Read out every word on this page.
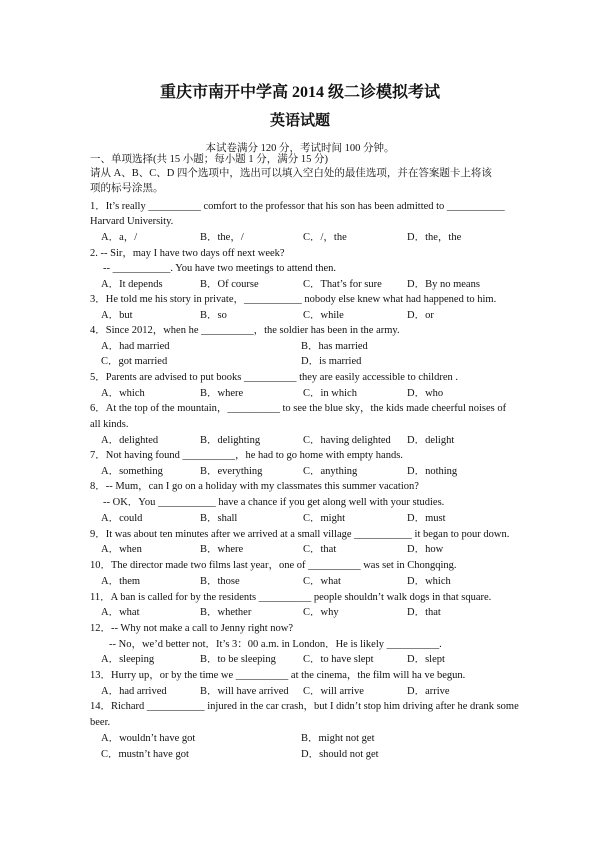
重庆市南开中学高 2014 级二诊模拟考试
英语试题
本试卷满分 120 分，考试时间 100 分钟。
一、单项选择(共 15 小题；每小题 1 分，满分 15 分)
请从 A、B、C、D 四个选项中，选出可以填入空白处的最佳选项，并在答案题卡上将该
项的标号涂黑。
1．It’s really __________ comfort to the professor that his son has been admitted to ___________
Harvard University.
A．a，/	B．the，/	C．/，the	D．the，the
2. -- Sir，may I have two days off next week?
-- ___________. You have two meetings to attend then.
A．It depends	B．Of course	C．That’s for sure D．By no means
3．He told me his story in private，___________ nobody else knew what had happened to him.
A．but	B．so	C．while	D．or
4．Since 2012，when he __________，the soldier has been in the army.
A．had married	B．has married
C．got married	D．is married
5．Parents are advised to put books __________ they are easily accessible to children .
A．which	B．where	C．in which	D．who
6．At the top of the mountain，__________ to see the blue sky，the kids made cheerful noises of
all kinds.
A．delighted	B．delighting	C．having delighted D．delight
7．Not having found __________，he had to go home with empty hands.
A．something	B．everything	C．anything	D．nothing
8．-- Mum，can I go on a holiday with my classmates this summer vacation?
-- OK．You ___________ have a chance if you get along well with your studies.
A．could	B．shall	C．might	D．must
9．It was about ten minutes after we arrived at a small village ___________ it began to pour down.
A．when	B．where	C．that	D．how
10．The director made two films last year，one of __________ was set in Chongqing.
A．them	B．those	C．what	D．which
11．A ban is called for by the residents __________ people shouldn’t walk dogs in that square.
A．what	B．whether	C．why	D．that
12．-- Why not make a call to Jenny right now?
-- No，we’d better not．It’s 3：00 a.m. in London．He is likely __________.
A．sleeping	B．to be sleeping	C．to have slept	D．slept
13．Hurry up，or by the time we __________ at the cinema，the film will ha ve begun.
A．had arrived	B．will have arrived C．will arrive	D．arrive
14．Richard ___________ injured in the car crash，but I didn’t stop him driving after he drank some
beer.
A．wouldn’t have got	B．might not get
C．mustn’t have got	D．should not get
